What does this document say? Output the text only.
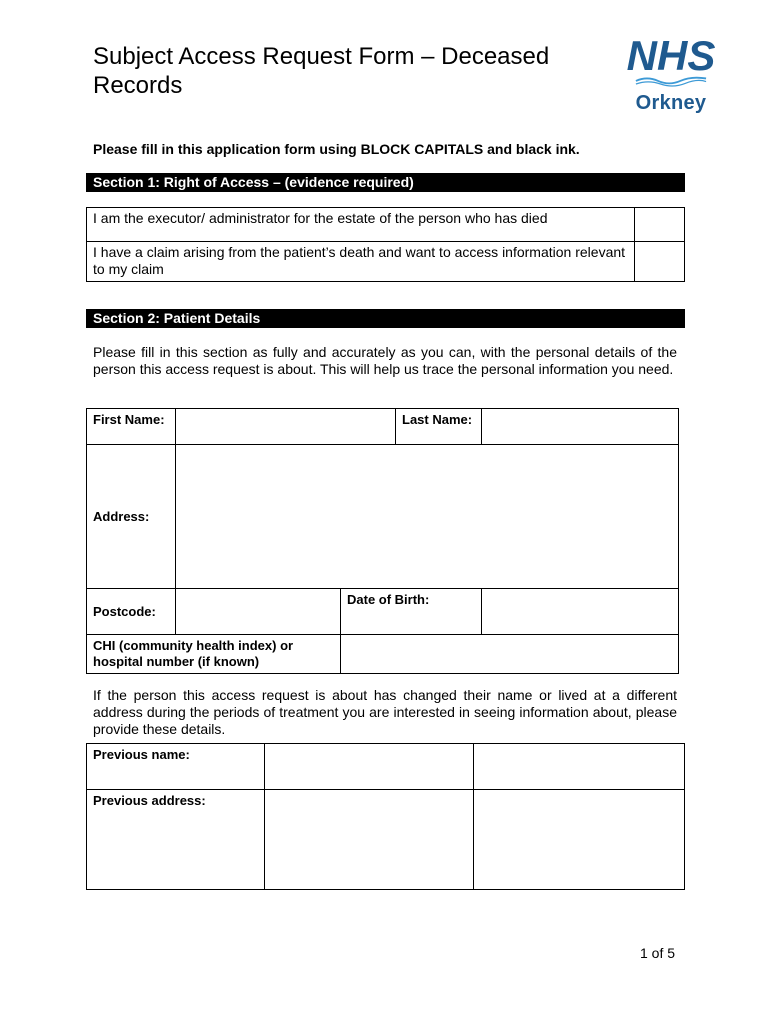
Subject Access Request Form – Deceased Records
NHS
Orkney
Please fill in this application form using BLOCK CAPITALS and black ink.
Section 1: Right of Access – (evidence required)
I am the executor/ administrator for the estate of the person who has died	
I have a claim arising from the patient’s death and want to access information relevant to my claim	
Section 2: Patient Details
Please fill in this section as fully and accurately as you can, with the personal details of the person this access request is about. This will help us trace the personal information you need.
First Name:			Last Name:	
Address:				
Postcode:		Date of Birth:		
CHI (community health index) or hospital number (if known)				
If the person this access request is about has changed their name or lived at a different address during the periods of treatment you are interested in seeing information about, please provide these details.
Previous name:		
Previous address:		
1 of 5
